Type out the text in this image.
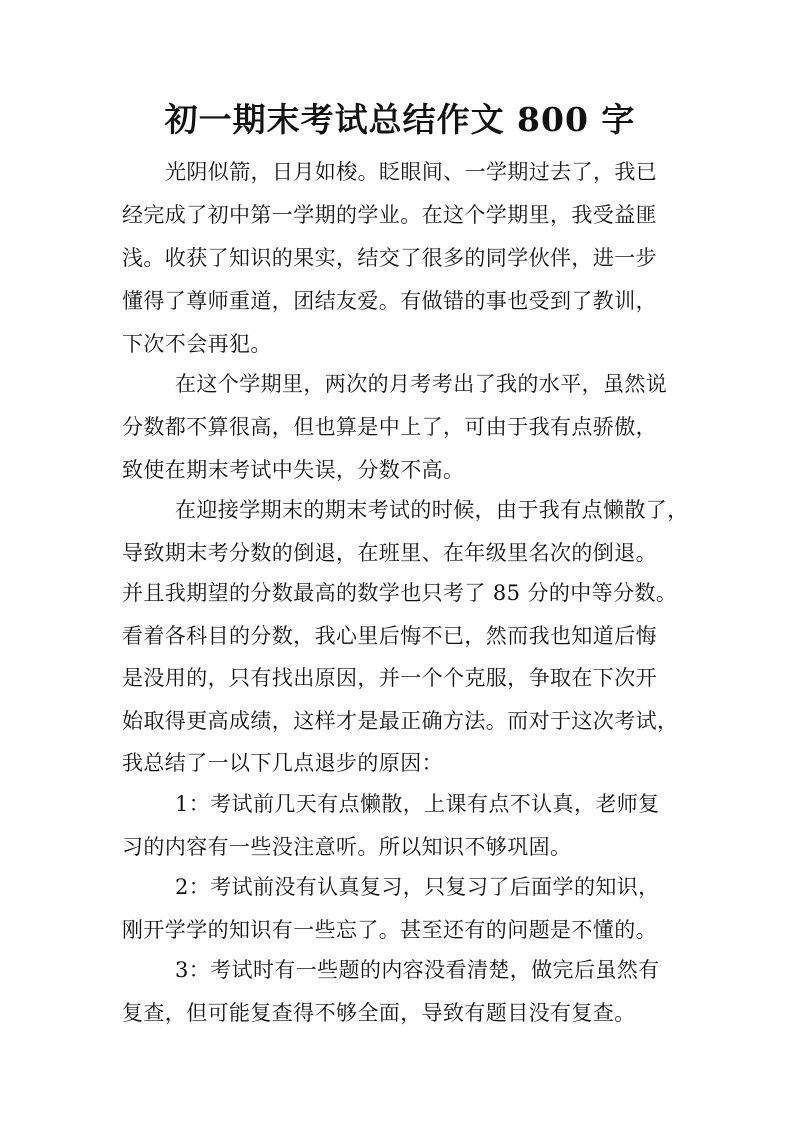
初一期末考试总结作文 800 字

光阴似箭，日月如梭。眨眼间、一学期过去了，我已

经完成了初中第一学期的学业。在这个学期里，我受益匪

浅。收获了知识的果实，结交了很多的同学伙伴，进一步

懂得了尊师重道，团结友爱。有做错的事也受到了教训，

下次不会再犯。

在这个学期里，两次的月考考出了我的水平，虽然说

分数都不算很高，但也算是中上了，可由于我有点骄傲，

致使在期末考试中失误，分数不高。

在迎接学期末的期末考试的时候，由于我有点懒散了，

导致期末考分数的倒退，在班里、在年级里名次的倒退。

并且我期望的分数最高的数学也只考了 85 分的中等分数。

看着各科目的分数，我心里后悔不已，然而我也知道后悔

是没用的，只有找出原因，并一个个克服，争取在下次开

始取得更高成绩，这样才是最正确方法。而对于这次考试，

我总结了一以下几点退步的原因：

1：考试前几天有点懒散，上课有点不认真，老师复

习的内容有一些没注意听。所以知识不够巩固。

2：考试前没有认真复习，只复习了后面学的知识，

刚开学学的知识有一些忘了。甚至还有的问题是不懂的。

3：考试时有一些题的内容没看清楚，做完后虽然有

复查，但可能复查得不够全面，导致有题目没有复查。
